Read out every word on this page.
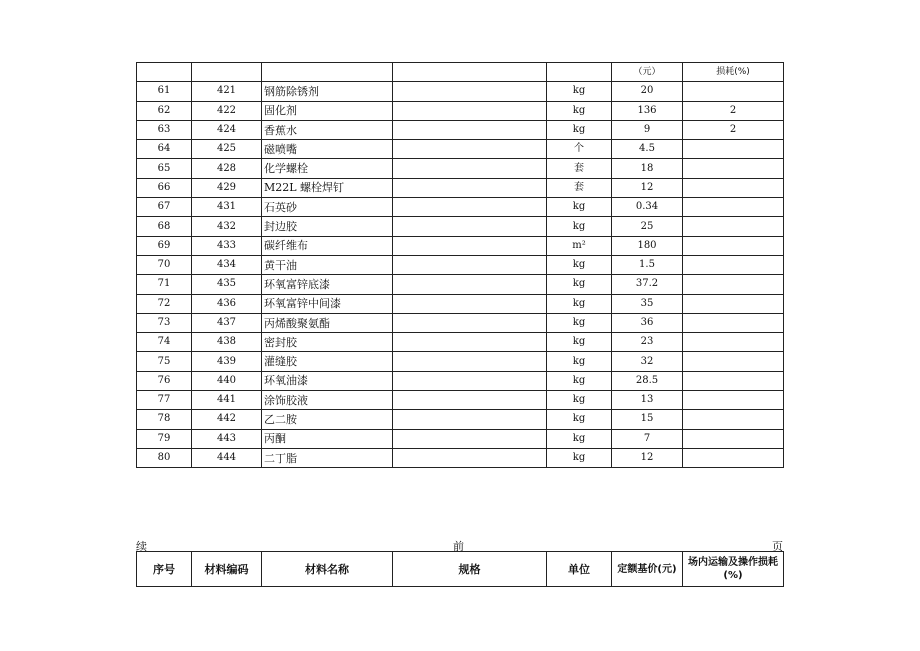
					（元）	损耗(%)
61	421	钢筋除锈剂		kg	20	
62	422	固化剂		kg	136	2
63	424	香蕉水		kg	9	2
64	425	磁喷嘴		个	4.5	
65	428	化学螺栓		套	18	
66	429	M22L 螺栓焊钉		套	12	
67	431	石英砂		kg	0.34	
68	432	封边胶		kg	25	
69	433	碳纤维布		m²	180	
70	434	黄干油		kg	1.5	
71	435	环氧富锌底漆		kg	37.2	
72	436	环氧富锌中间漆		kg	35	
73	437	丙烯酸聚氨酯		kg	36	
74	438	密封胶		kg	23	
75	439	灌缝胶		kg	32	
76	440	环氧油漆		kg	28.5	
77	441	涂饰胶液		kg	13	
78	442	乙二胺		kg	15	
79	443	丙酮		kg	7	
80	444	二丁脂		kg	12	
续	前	页
序号	材料编码	材料名称	规格	单位	定额基价(元)	场内运输及操作损耗(%)
